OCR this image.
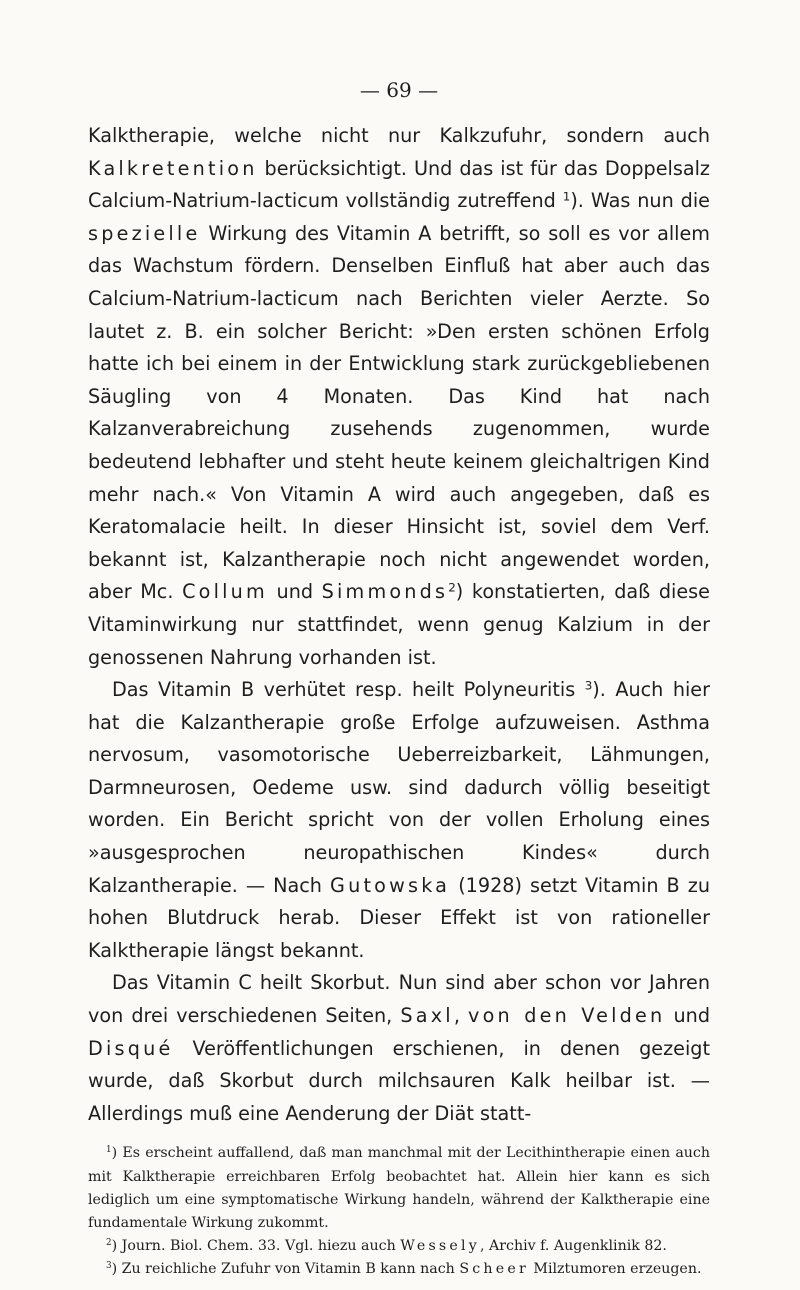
— 69 —

Kalktherapie, welche nicht nur Kalkzufuhr, sondern auch Kalkretention berücksichtigt. Und das ist für das Doppelsalz Calcium-Natrium-lacticum vollständig zutreffend $^1$). Was nun die spezielle Wirkung des Vitamin A betrifft, so soll es vor allem das Wachstum fördern. Denselben Einfluß hat aber auch das Calcium-Natrium-lacticum nach Berichten vieler Aerzte. So lautet z. B. ein solcher Bericht: »Den ersten schönen Erfolg hatte ich bei einem in der Entwicklung stark zurückgebliebenen Säugling von 4 Monaten. Das Kind hat nach Kalzanverabreichung zusehends zugenommen, wurde bedeutend lebhafter und steht heute keinem gleichaltrigen Kind mehr nach.« Von Vitamin A wird auch angegeben, daß es Keratomalacie heilt. In dieser Hinsicht ist, soviel dem Verf. bekannt ist, Kalzantherapie noch nicht angewendet worden, aber Mc. Collum und Simmonds$^2$) konstatierten, daß diese Vitaminwirkung nur stattfindet, wenn genug Kalzium in der genossenen Nahrung vorhanden ist.

Das Vitamin B verhütet resp. heilt Polyneuritis $^3$). Auch hier hat die Kalzantherapie große Erfolge aufzuweisen. Asthma nervosum, vasomotorische Ueberreizbarkeit, Lähmungen, Darmneurosen, Oedeme usw. sind dadurch völlig beseitigt worden. Ein Bericht spricht von der vollen Erholung eines »ausgesprochen neuropathischen Kindes« durch Kalzantherapie. — Nach Gutowska (1928) setzt Vitamin B zu hohen Blutdruck herab. Dieser Effekt ist von rationeller Kalktherapie längst bekannt.

Das Vitamin C heilt Skorbut. Nun sind aber schon vor Jahren von drei verschiedenen Seiten, Saxl, von den Velden und Disqué Veröffentlichungen erschienen, in denen gezeigt wurde, daß Skorbut durch milchsauren Kalk heilbar ist. — Allerdings muß eine Aenderung der Diät statt-

$^1$) Es erscheint auffallend, daß man manchmal mit der Lecithintherapie einen auch mit Kalktherapie erreichbaren Erfolg beobachtet hat. Allein hier kann es sich lediglich um eine symptomatische Wirkung handeln, während der Kalktherapie eine fundamentale Wirkung zukommt.

$^2$) Journ. Biol. Chem. 33. Vgl. hiezu auch Wessely, Archiv f. Augenklinik 82.

$^3$) Zu reichliche Zufuhr von Vitamin B kann nach Scheer Milztumoren erzeugen.
